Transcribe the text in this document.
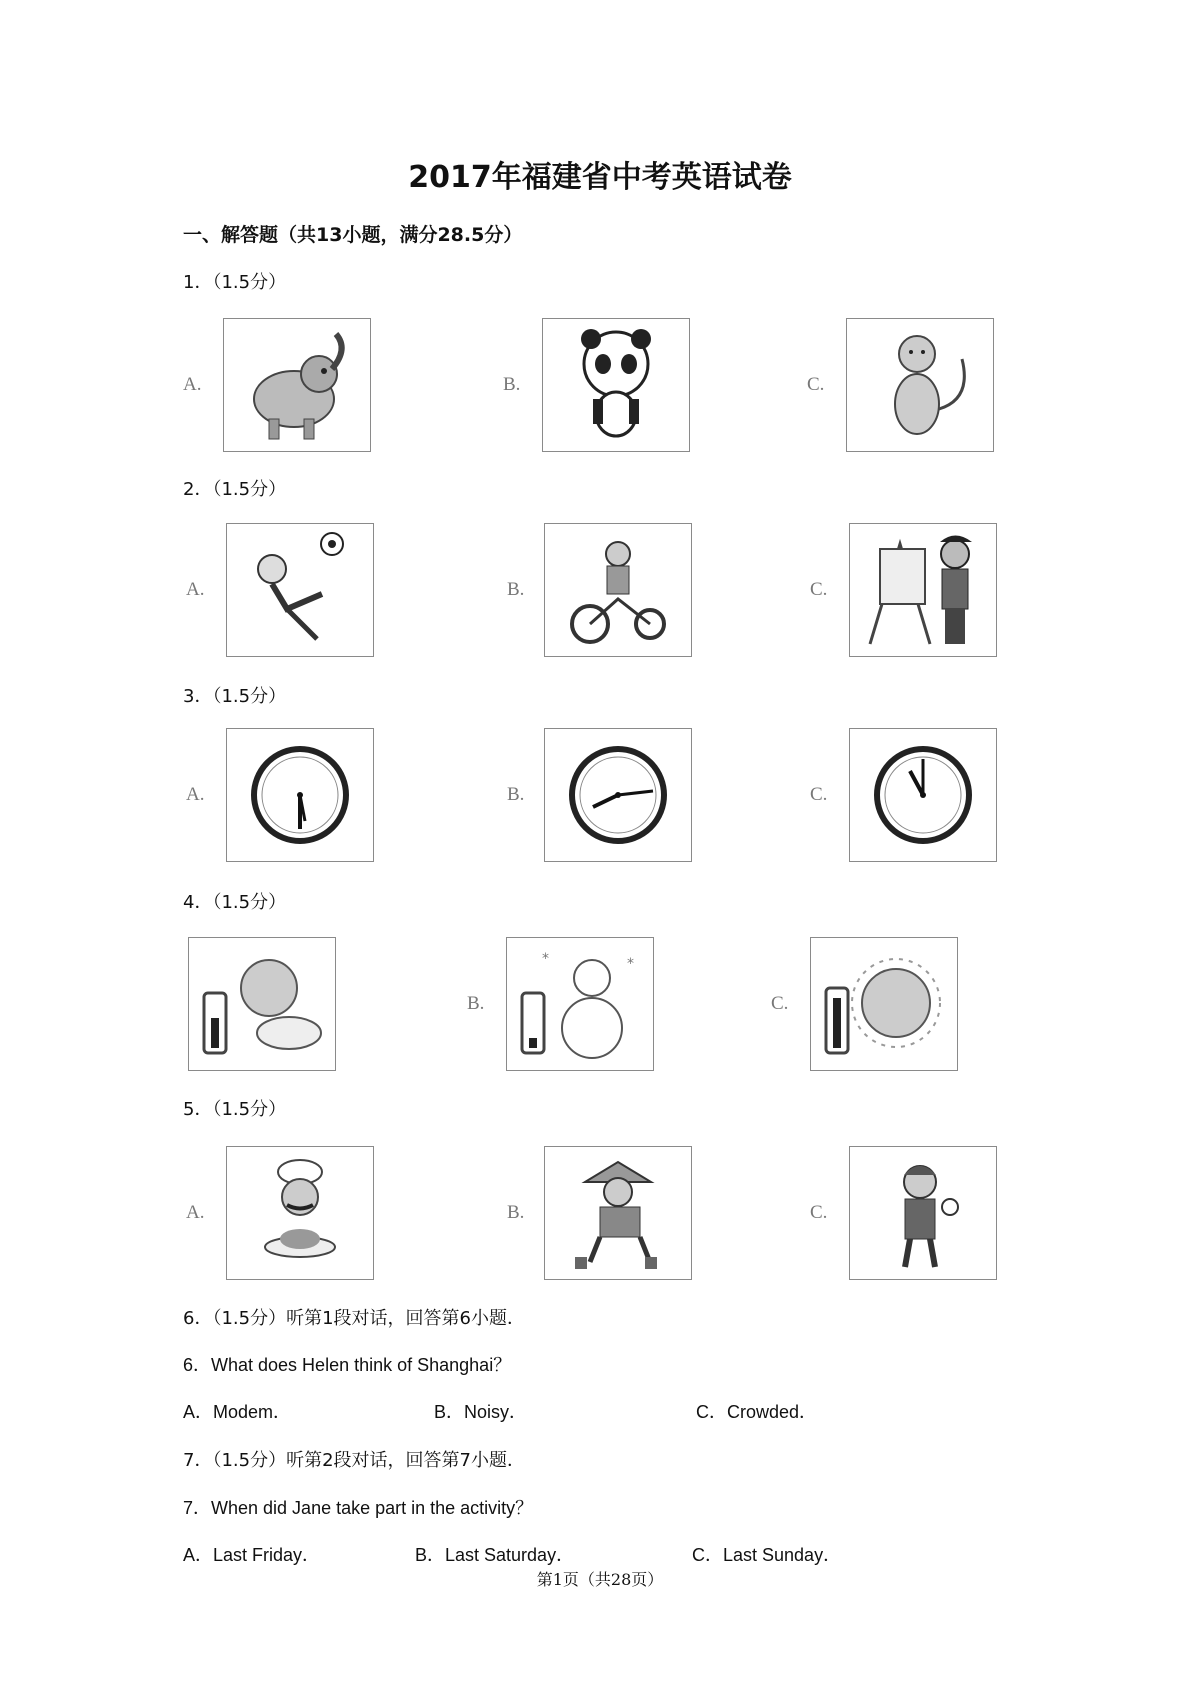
2017年福建省中考英语试卷
一、解答题（共13小题，满分28.5分）
1．（1.5分）
A.	B.	C.
2．（1.5分）
A.	B.	C.
3．（1.5分）
A.	B.	C.
4．（1.5分）
B.
*	*
C.
5．（1.5分）
A.	B.	C.
6．（1.5分）听第1段对话，回答第6小题．
6．What does Helen think of Shanghai？
A．Modem．	B．Noisy．	C．Crowded．
7．（1.5分）听第2段对话，回答第7小题．
7．When did Jane take part in the activity？
A．Last Friday．	B．Last Saturday．	C．Last Sunday．
第1页（共28页）
